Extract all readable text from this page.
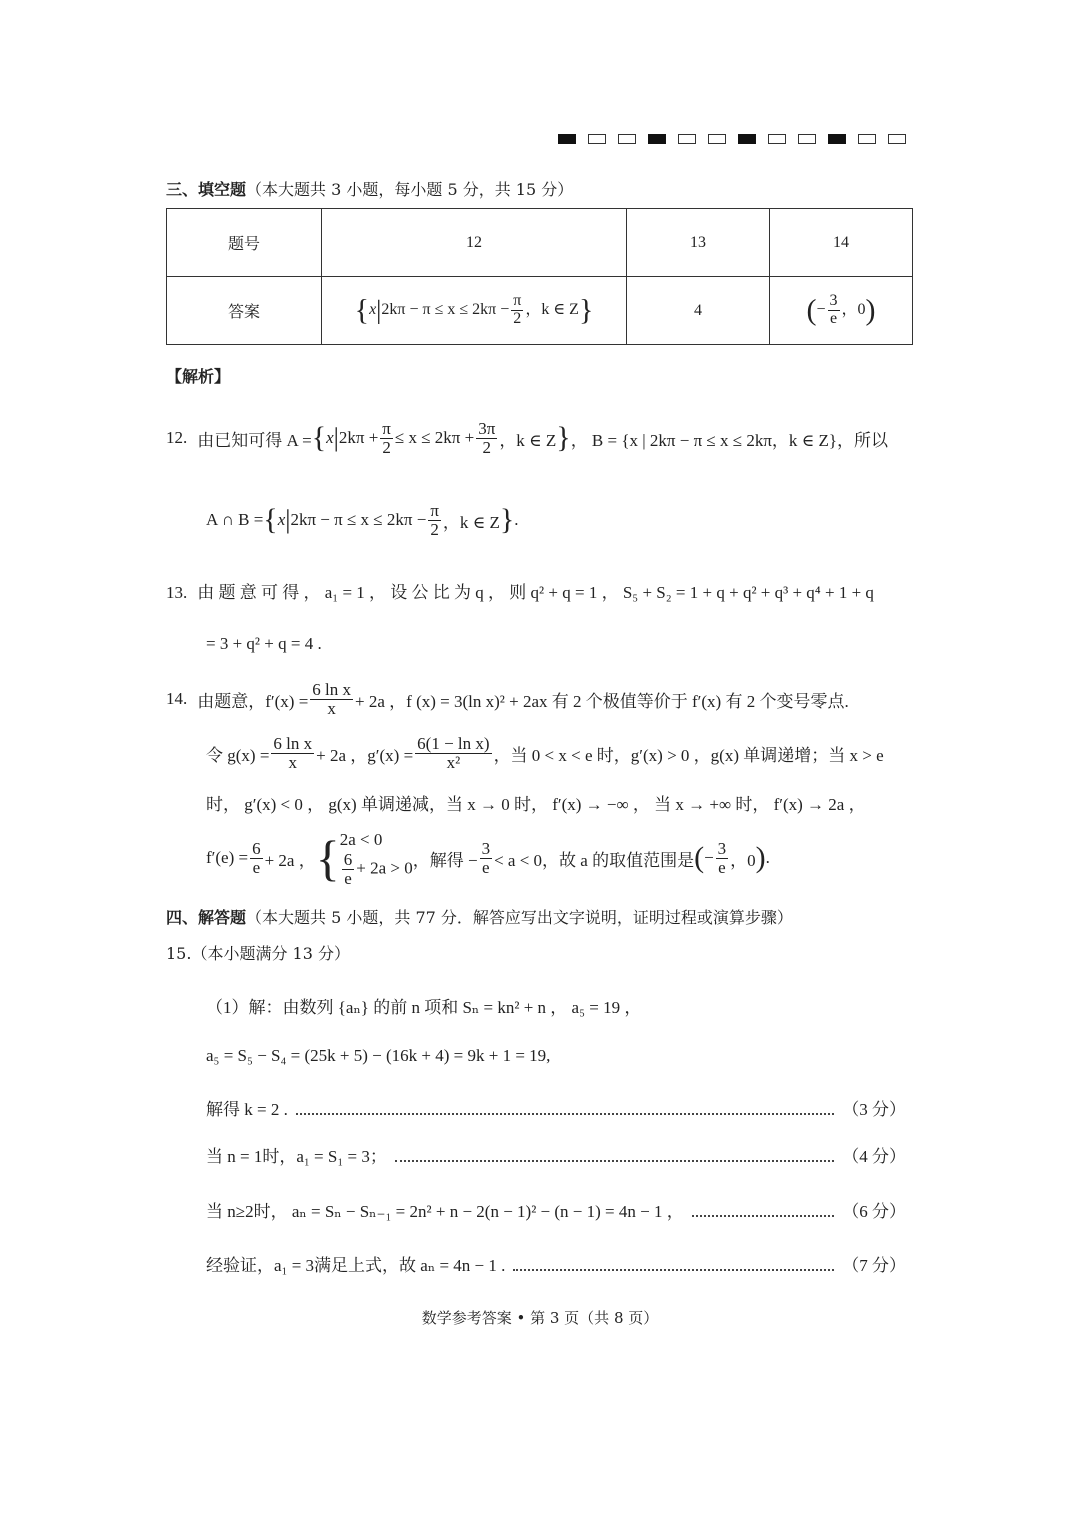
三、填空题（本大题共 3 小题，每小题 5 分，共 15 分）
题号	12	13	14
答案	{$x|2k\pi - \pi \le x \le 2k\pi - \frac{\pi}{2}$ ，k ∈ Z}	4	(− $\frac{3}{e}$ ，0)
【解析】
12. 由已知可得 A = { x | $2k\pi + \frac{\pi}{2} \le x \le 2k\pi + \frac{3\pi}{2}$ ，k ∈ Z } ， B = {x | 2kπ − π ≤ x ≤ 2kπ，k ∈ Z}，所以
A ∩ B = { x | $2k\pi - \pi \le x \le 2k\pi - \frac{\pi}{2}$ ，k ∈ Z } .
13. 由 题 意 可 得 ， a₁ = 1 ， 设 公 比 为 q ， 则 q² + q = 1 ， S₅ + S₂ = 1 + q + q² + q³ + q⁴ + 1 + q
= 3 + q² + q = 4 .
14. 由题意，$f'(x) = \frac{\text{6 ln x}}{x} + 2a$ ，f (x) = 3(ln x)² + 2ax 有 2 个极值等价于 f′(x) 有 2 个变号零点.
令 $g(x) = \frac{\text{6 ln x}}{x} + 2a$ ，$g'(x) = \frac{\text{6(1 − ln x)}}{\text{x²}}$ ，当 0 < x < e 时，g′(x) > 0 ，g(x) 单调递增；当 x > e
时， g′(x) < 0 ， g(x) 单调递减，当 x → 0 时， f′(x) → −∞ ， 当 x → +∞ 时， f′(x) → 2a ，
$f'(e) = \frac{6}{e} + 2a$ ， { 2a < 0
$\frac{6}{e} + 2a > 0$ ，解得 − $\frac{3}{e} < a < 0$，故 a 的取值范围是 ( − $\frac{3}{e}$ ，0 ) .
四、解答题（本大题共 5 小题，共 77 分．解答应写出文字说明，证明过程或演算步骤）
15.（本小题满分 13 分）
（1）解：由数列 {aₙ} 的前 n 项和 Sₙ = kn² + n ， a₅ = 19 ，
a₅ = S₅ − S₄ = (25k + 5) − (16k + 4) = 9k + 1 = 19,
解得 k = 2 .	（3 分）
当 n = 1时，a₁ = S₁ = 3；	（4 分）
当 n≥2时， aₙ = Sₙ − Sₙ₋₁ = 2n² + n − 2(n − 1)² − (n − 1) = 4n − 1 ，	（6 分）
经验证，a₁ = 3满足上式，故 aₙ = 4n − 1 .	（7 分）
数学参考答案 • 第 3 页（共 8 页）
